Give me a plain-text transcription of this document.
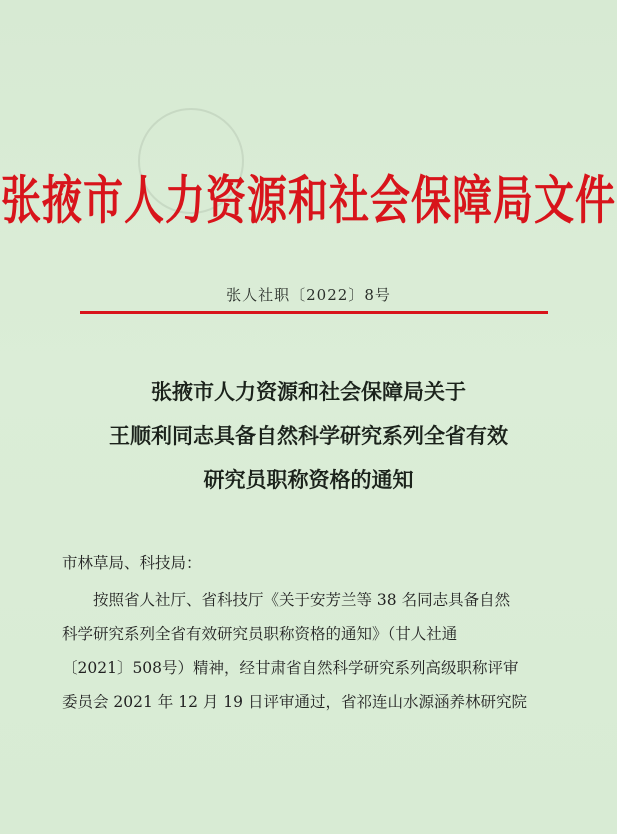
张掖市人力资源和社会保障局文件
张人社职〔2022〕8号
张掖市人力资源和社会保障局关于
王顺利同志具备自然科学研究系列全省有效
研究员职称资格的通知
市林草局、科技局：
按照省人社厅、省科技厅《关于安芳兰等 38 名同志具备自然
科学研究系列全省有效研究员职称资格的通知》（甘人社通
〔2021〕508号）精神，经甘肃省自然科学研究系列高级职称评审
委员会 2021 年 12 月 19 日评审通过，省祁连山水源涵养林研究院
